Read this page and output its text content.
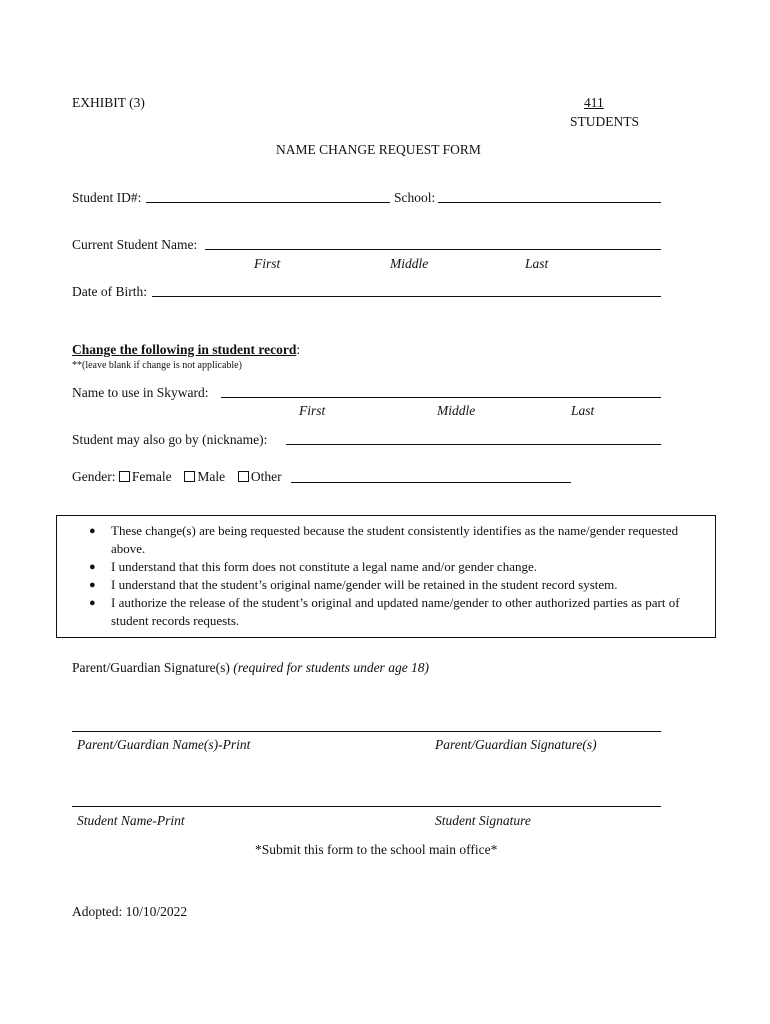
EXHIBIT (3)	411
STUDENTS
NAME CHANGE REQUEST FORM
Student ID#:	School:
Current Student Name:
First	Middle	Last
Date of Birth:
Change the following in student record:
**(leave blank if change is not applicable)
Name to use in Skyward:
First	Middle	Last
Student may also go by (nickname):
Gender: Female Male Other
● These change(s) are being requested because the student consistently identifies as the name/gender requested above.
● I understand that this form does not constitute a legal name and/or gender change.
● I understand that the student’s original name/gender will be retained in the student record system.
● I authorize the release of the student’s original and updated name/gender to other authorized parties as part of student records requests.
Parent/Guardian Signature(s) (required for students under age 18)
Parent/Guardian Name(s)-Print	Parent/Guardian Signature(s)
Student Name-Print	Student Signature
*Submit this form to the school main office*
Adopted: 10/10/2022
